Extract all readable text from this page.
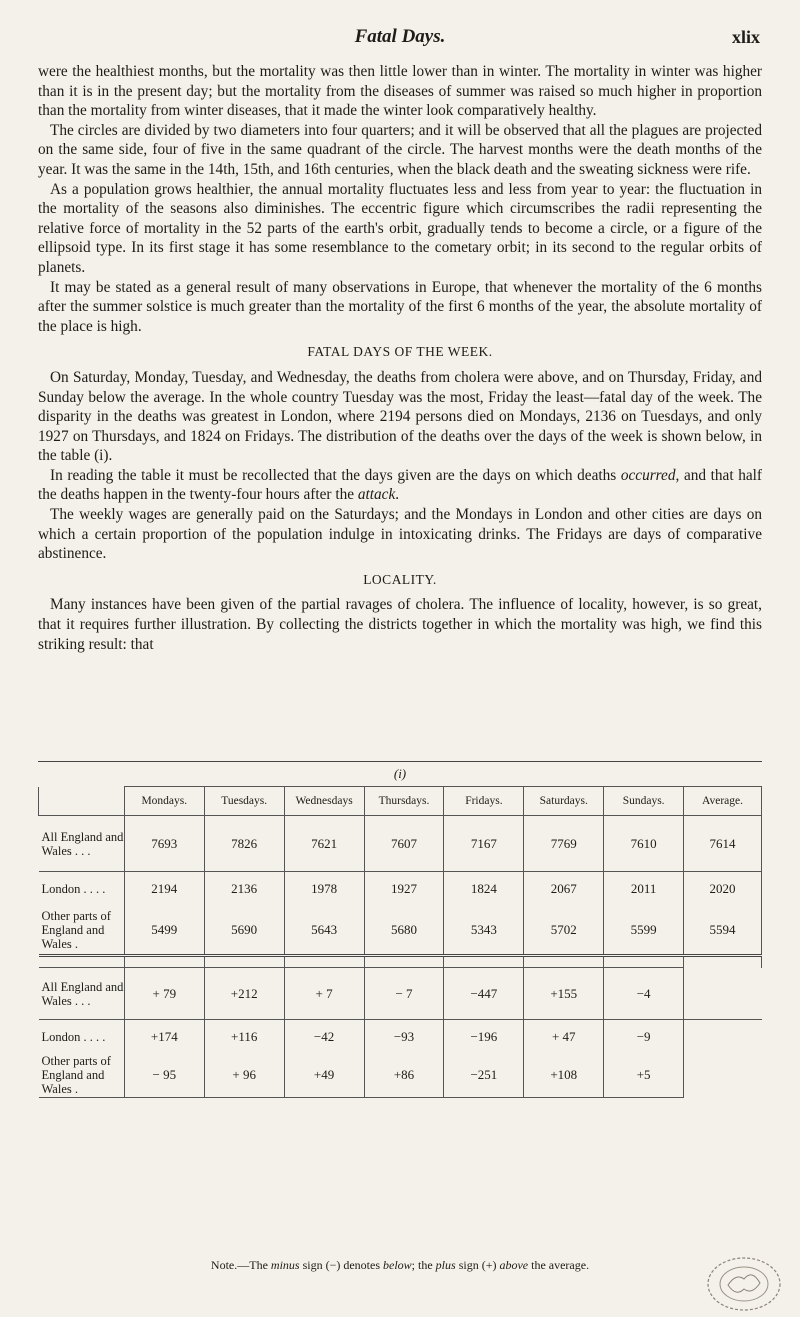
Fatal Days.	xlix

were the healthiest months, but the mortality was then little lower than in winter. The mortality in winter was higher than it is in the present day; but the mortality from the diseases of summer was raised so much higher in proportion than the mortality from winter diseases, that it made the winter look comparatively healthy.

The circles are divided by two diameters into four quarters; and it will be observed that all the plagues are projected on the same side, four of five in the same quadrant of the circle. The harvest months were the death months of the year. It was the same in the 14th, 15th, and 16th centuries, when the black death and the sweating sickness were rife.

As a population grows healthier, the annual mortality fluctuates less and less from year to year: the fluctuation in the mortality of the seasons also diminishes. The eccentric figure which circumscribes the radii representing the relative force of mortality in the 52 parts of the earth's orbit, gradually tends to become a circle, or a figure of the ellipsoid type. In its first stage it has some resemblance to the cometary orbit; in its second to the regular orbits of planets.

It may be stated as a general result of many observations in Europe, that whenever the mortality of the 6 months after the summer solstice is much greater than the mortality of the first 6 months of the year, the absolute mortality of the place is high.

FATAL DAYS OF THE WEEK.

On Saturday, Monday, Tuesday, and Wednesday, the deaths from cholera were above, and on Thursday, Friday, and Sunday below the average. In the whole country Tuesday was the most, Friday the least—fatal day of the week. The disparity in the deaths was greatest in London, where 2194 persons died on Mondays, 2136 on Tuesdays, and only 1927 on Thursdays, and 1824 on Fridays. The distribution of the deaths over the days of the week is shown below, in the table (i).

In reading the table it must be recollected that the days given are the days on which deaths occurred, and that half the deaths happen in the twenty-four hours after the attack.

The weekly wages are generally paid on the Saturdays; and the Mondays in London and other cities are days on which a certain proportion of the population indulge in intoxicating drinks. The Fridays are days of comparative abstinence.

LOCALITY.

Many instances have been given of the partial ravages of cholera. The influence of locality, however, is so great, that it requires further illustration. By collecting the districts together in which the mortality was high, we find this striking result: that

(i)
	Mondays.	Tuesdays.	Wednesdays	Thursdays.	Fridays.	Saturdays.	Sundays.	Average.
All England and Wales . . .	7693	7826	7621	7607	7167	7769	7610	7614
London . . . .	2194	2136	1978	1927	1824	2067	2011	2020
Other parts of England and Wales .	5499	5690	5643	5680	5343	5702	5599	5594

All England and Wales . . .	+ 79	+212	+ 7	− 7	−447	+155	−4	
London . . . .	+174	+116	−42	−93	−196	+ 47	−9	
Other parts of England and Wales .	− 95	+ 96	+49	+86	−251	+108	+5	
Note.—The minus sign (−) denotes below; the plus sign (+) above the average.
